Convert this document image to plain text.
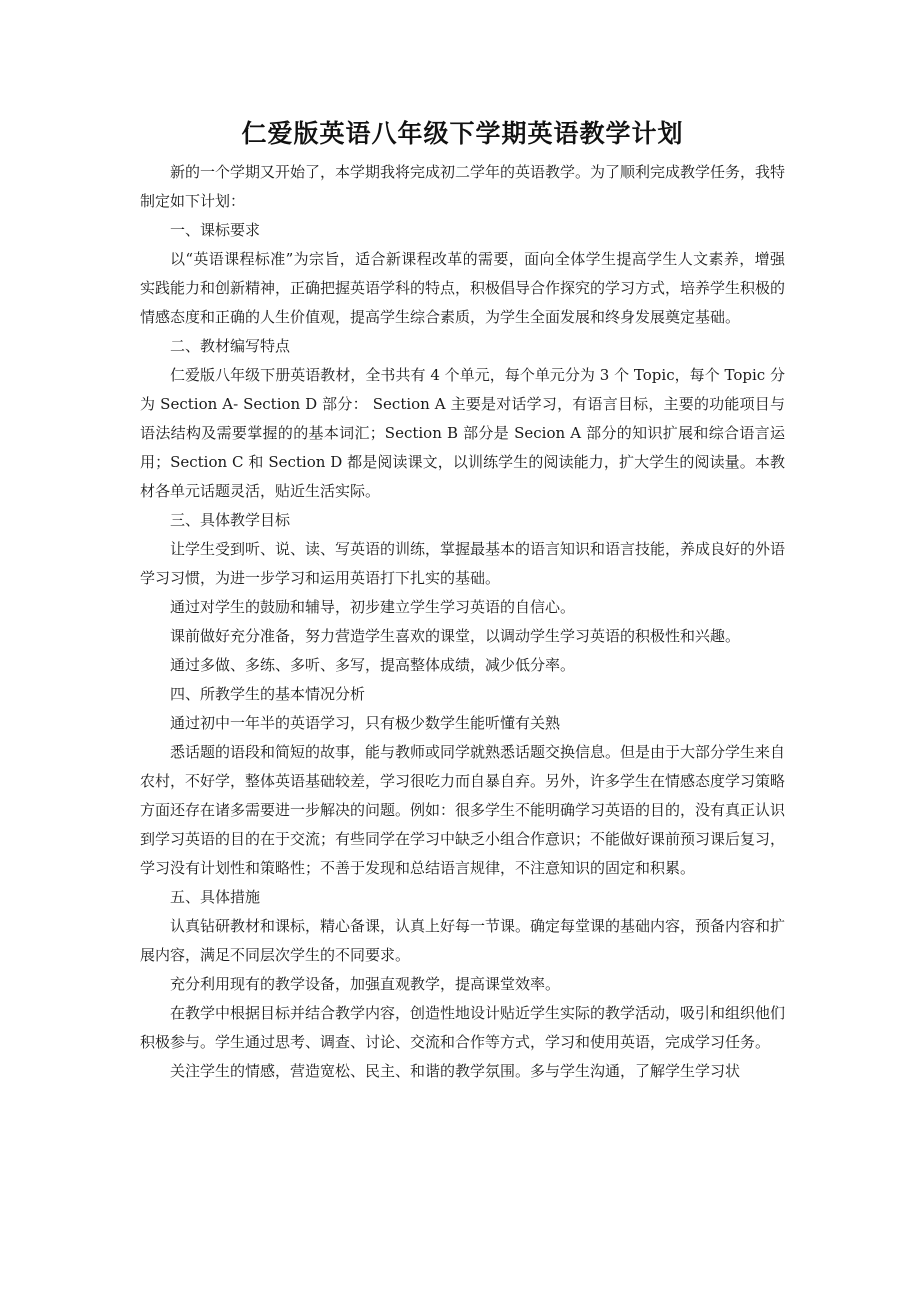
仁爱版英语八年级下学期英语教学计划

新的一个学期又开始了，本学期我将完成初二学年的英语教学。为了顺利完成教学任务，我特制定如下计划：

一、课标要求

以“英语课程标准”为宗旨，适合新课程改革的需要，面向全体学生提高学生人文素养，增强实践能力和创新精神，正确把握英语学科的特点，积极倡导合作探究的学习方式，培养学生积极的情感态度和正确的人生价值观，提高学生综合素质，为学生全面发展和终身发展奠定基础。

二、教材编写特点

仁爱版八年级下册英语教材，全书共有 4 个单元，每个单元分为 3 个 Topic，每个 Topic 分为 Section A- Section D 部分： Section A 主要是对话学习，有语言目标，主要的功能项目与语法结构及需要掌握的的基本词汇；Section B 部分是 Secion A 部分的知识扩展和综合语言运用；Section C 和 Section D 都是阅读课文，以训练学生的阅读能力，扩大学生的阅读量。本教材各单元话题灵活，贴近生活实际。

三、具体教学目标

让学生受到听、说、读、写英语的训练，掌握最基本的语言知识和语言技能，养成良好的外语学习习惯，为进一步学习和运用英语打下扎实的基础。

通过对学生的鼓励和辅导，初步建立学生学习英语的自信心。

课前做好充分准备，努力营造学生喜欢的课堂，以调动学生学习英语的积极性和兴趣。

通过多做、多练、多听、多写，提高整体成绩，减少低分率。

四、所教学生的基本情况分析

通过初中一年半的英语学习，只有极少数学生能听懂有关熟

悉话题的语段和简短的故事，能与教师或同学就熟悉话题交换信息。但是由于大部分学生来自农村，不好学，整体英语基础较差，学习很吃力而自暴自弃。另外，许多学生在情感态度学习策略方面还存在诸多需要进一步解决的问题。例如：很多学生不能明确学习英语的目的，没有真正认识到学习英语的目的在于交流；有些同学在学习中缺乏小组合作意识；不能做好课前预习课后复习，学习没有计划性和策略性；不善于发现和总结语言规律，不注意知识的固定和积累。

五、具体措施

认真钻研教材和课标，精心备课，认真上好每一节课。确定每堂课的基础内容，预备内容和扩展内容，满足不同层次学生的不同要求。

充分利用现有的教学设备，加强直观教学，提高课堂效率。

在教学中根据目标并结合教学内容，创造性地设计贴近学生实际的教学活动，吸引和组织他们积极参与。学生通过思考、调查、讨论、交流和合作等方式，学习和使用英语，完成学习任务。

关注学生的情感，营造宽松、民主、和谐的教学氛围。多与学生沟通，了解学生学习状
